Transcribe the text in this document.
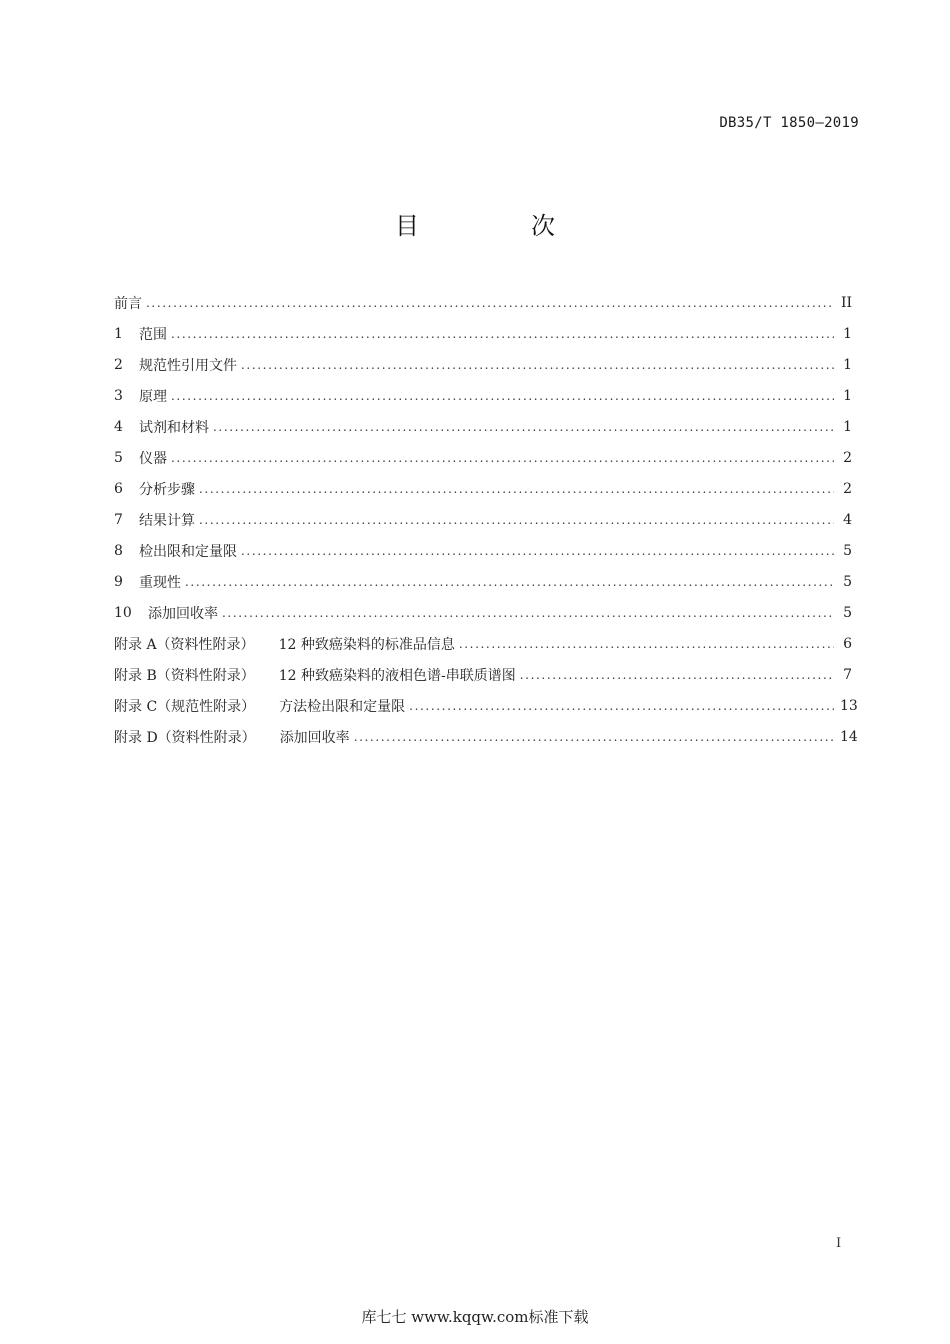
DB35/T 1850—2019
目　次
前言 .....	II
1	范围 .....	1
2	规范性引用文件 .....	1
3	原理 .....	1
4	试剂和材料 .....	1
5	仪器 .....	2
6	分析步骤 .....	2
7	结果计算 .....	4
8	检出限和定量限 .....	5
9	重现性 .....	5
10	添加回收率 .....	5
附录 A（资料性附录） 12 种致癌染料的标准品信息 .....	6
附录 B（资料性附录） 12 种致癌染料的液相色谱-串联质谱图 .....	7
附录 C（规范性附录） 方法检出限和定量限 .....	13
附录 D（资料性附录） 添加回收率 .....	14
I
库七七 www.kqqw.com标准下载
